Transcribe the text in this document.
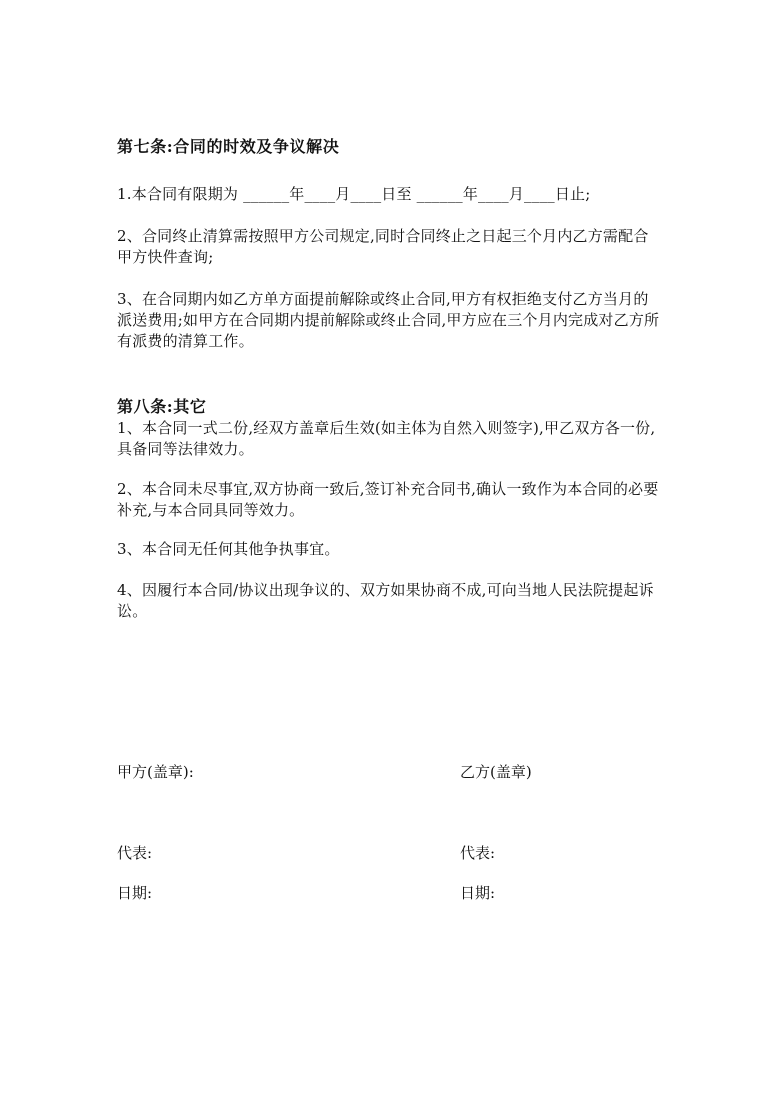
第七条:合同的时效及争议解决
1.本合同有限期为 ______年____月____日至 ______年____月____日止;
2、合同终止清算需按照甲方公司规定,同时合同终止之日起三个月内乙方需配合甲方快件查询;
3、在合同期内如乙方单方面提前解除或终止合同,甲方有权拒绝支付乙方当月的派送费用;如甲方在合同期内提前解除或终止合同,甲方应在三个月内完成对乙方所有派费的清算工作。
第八条:其它
1、本合同一式二份,经双方盖章后生效(如主体为自然入则签字),甲乙双方各一份,具备同等法律效力。
2、本合同未尽事宜,双方协商一致后,签订补充合同书,确认一致作为本合同的必要补充,与本合同具同等效力。
3、本合同无任何其他争执事宜。
4、因履行本合同/协议出现争议的、双方如果协商不成,可向当地人民法院提起诉讼。
甲方(盖章):	乙方(盖章)
代表:	代表:
日期:	日期:
